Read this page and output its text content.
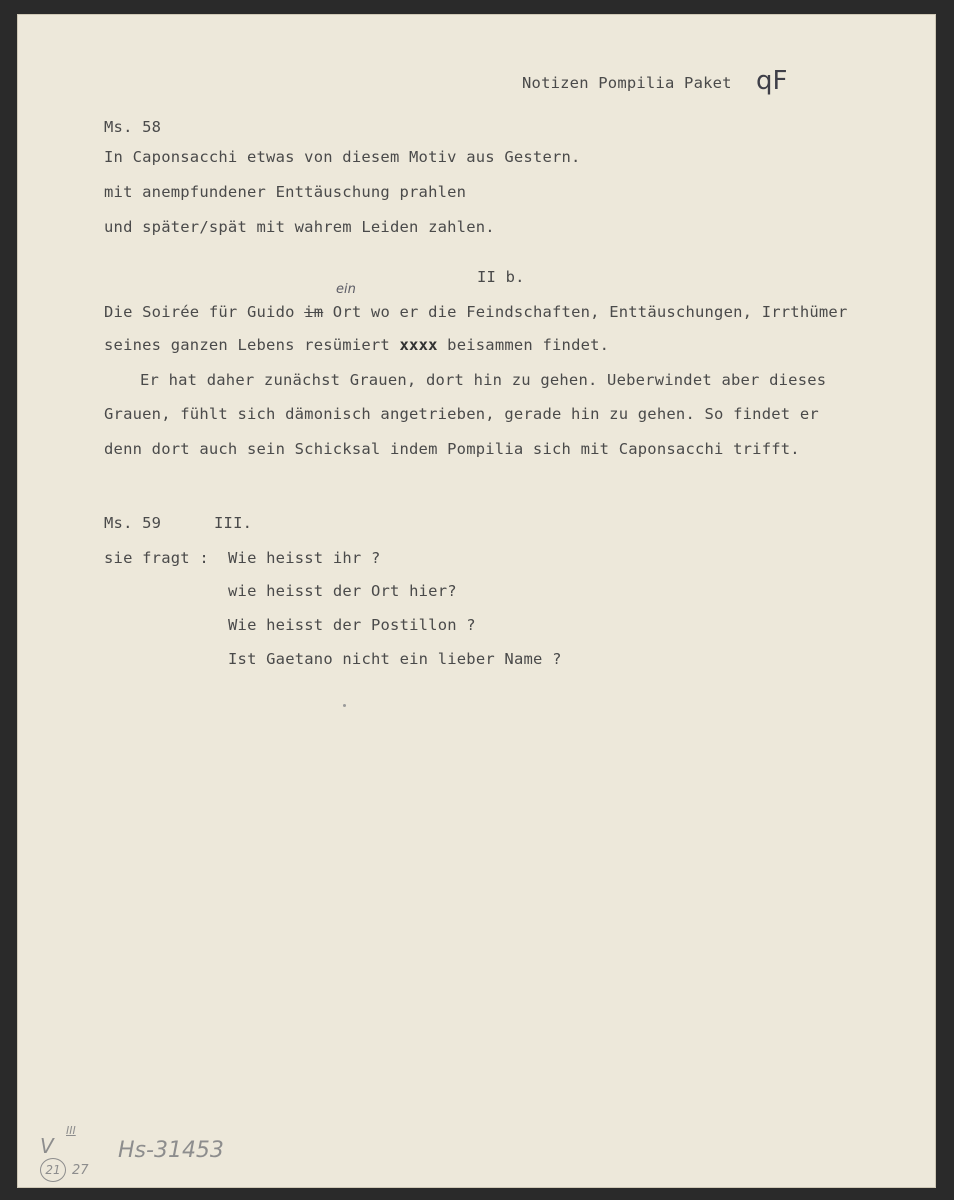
Notizen Pompilia Paket qF
Ms. 58
In Caponsacchi etwas von diesem Motiv aus Gestern.
mit anempfundener Enttäuschung prahlen
und später/spät mit wahrem Leiden zahlen.
II b.
Die Soirée für Guido im Ort wo er die Feindschaften, Enttäuschungen, Irrthümer
ein
seines ganzen Lebens resümiert xxxx beisammen findet.
Er hat daher zunächst Grauen, dort hin zu gehen. Ueberwindet aber dieses
Grauen, fühlt sich dämonisch angetrieben, gerade hin zu gehen. So findet er
denn dort auch sein Schicksal indem Pompilia sich mit Caponsacchi trifft.
Ms. 59	III.
sie fragt : Wie heisst ihr ?
wie heisst der Ort hier?
Wie heisst der Postillon ?
Ist Gaetano nicht ein lieber Name ?
V
III
21 27
Hs-31453
